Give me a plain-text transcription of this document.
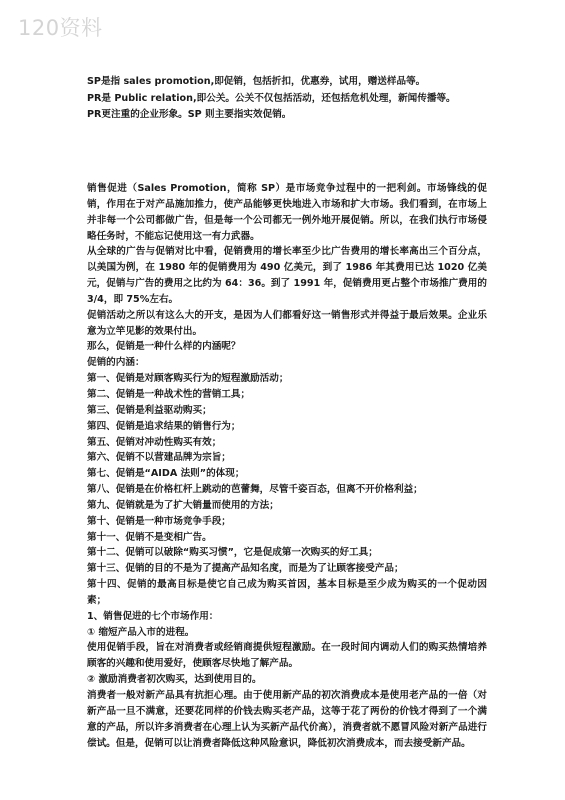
120资料

SP是指 sales promotion,即促销，包括折扣，优惠券，试用，赠送样品等。

PR是 Public relation,即公关。公关不仅包括活动，还包括危机处理，新闻传播等。

PR更注重的企业形象。SP 则主要指实效促销。

销售促进（Sales Promotion，简称 SP）是市场竞争过程中的一把利剑。市场锋线的促销，作用在于对产品施加推力，使产品能够更快地进入市场和扩大市场。我们看到，在市场上并非每一个公司都做广告，但是每一个公司都无一例外地开展促销。所以，在我们执行市场侵略任务时，不能忘记使用这一有力武器。

从全球的广告与促销对比中看，促销费用的增长率至少比广告费用的增长率高出三个百分点，以美国为例，在 1980 年的促销费用为 490 亿美元，到了 1986 年其费用已达 1020 亿美元，促销与广告的费用之比约为 64：36。到了 1991 年，促销费用更占整个市场推广费用的 3/4，即 75%左右。

促销活动之所以有这么大的开支，是因为人们都看好这一销售形式并得益于最后效果。企业乐意为立竿见影的效果付出。

那么，促销是一种什么样的内涵呢？

促销的内涵：

第一、促销是对顾客购买行为的短程激励活动；

第二、促销是一种战术性的营销工具；

第三、促销是利益驱动购买；

第四、促销是追求结果的销售行为；

第五、促销对冲动性购买有效；

第六、促销不以营建品牌为宗旨；

第七、促销是“AIDA 法则”的体现；

第八、促销是在价格杠杆上跳动的芭蕾舞，尽管千姿百态，但离不开价格利益；

第九、促销就是为了扩大销量而使用的方法；

第十、促销是一种市场竞争手段；

第十一、促销不是变相广告。

第十二、促销可以破除“购买习惯”，它是促成第一次购买的好工具；

第十三、促销的目的不是为了提高产品知名度，而是为了让顾客接受产品；

第十四、促销的最高目标是使它自己成为购买首因，基本目标是至少成为购买的一个促动因素；

1、销售促进的七个市场作用：

① 缩短产品入市的进程。

使用促销手段，旨在对消费者或经销商提供短程激励。在一段时间内调动人们的购买热情培养顾客的兴趣和使用爱好，使顾客尽快地了解产品。

② 激励消费者初次购买，达到使用目的。

消费者一般对新产品具有抗拒心理。由于使用新产品的初次消费成本是使用老产品的一倍（对新产品一旦不满意，还要花同样的价钱去购买老产品，这等于花了两份的价钱才得到了一个满意的产品，所以许多消费者在心理上认为买新产品代价高），消费者就不愿冒风险对新产品进行偿试。但是，促销可以让消费者降低这种风险意识，降低初次消费成本，而去接受新产品。
